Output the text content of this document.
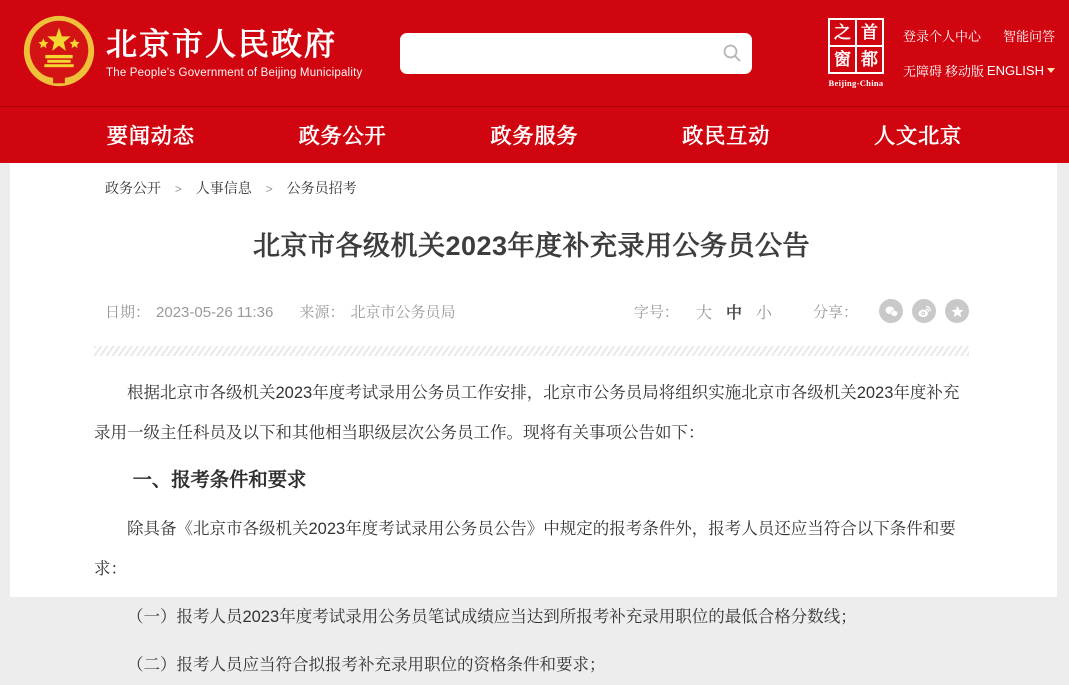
北京市人民政府
The People's Government of Beijing Municipality
之 首
窗 都
Beijing-China
登录个人中心 智能问答
无障碍 移动版 ENGLISH
要闻动态	政务公开	政务服务	政民互动	人文北京
政务公开 > 人事信息 > 公务员招考
北京市各级机关2023年度补充录用公务员公告
日期： 2023-05-26 11:36 来源： 北京市公务员局	字号： 大 中 小	分享：

根据北京市各级机关2023年度考试录用公务员工作安排，北京市公务员局将组织实施北京市各级机关2023年度补充录用一级主任科员及以下和其他相当职级层次公务员工作。现将有关事项公告如下：

一、报考条件和要求

除具备《北京市各级机关2023年度考试录用公务员公告》中规定的报考条件外，报考人员还应当符合以下条件和要求：

（一）报考人员2023年度考试录用公务员笔试成绩应当达到所报考补充录用职位的最低合格分数线；

（二）报考人员应当符合拟报考补充录用职位的资格条件和要求；
